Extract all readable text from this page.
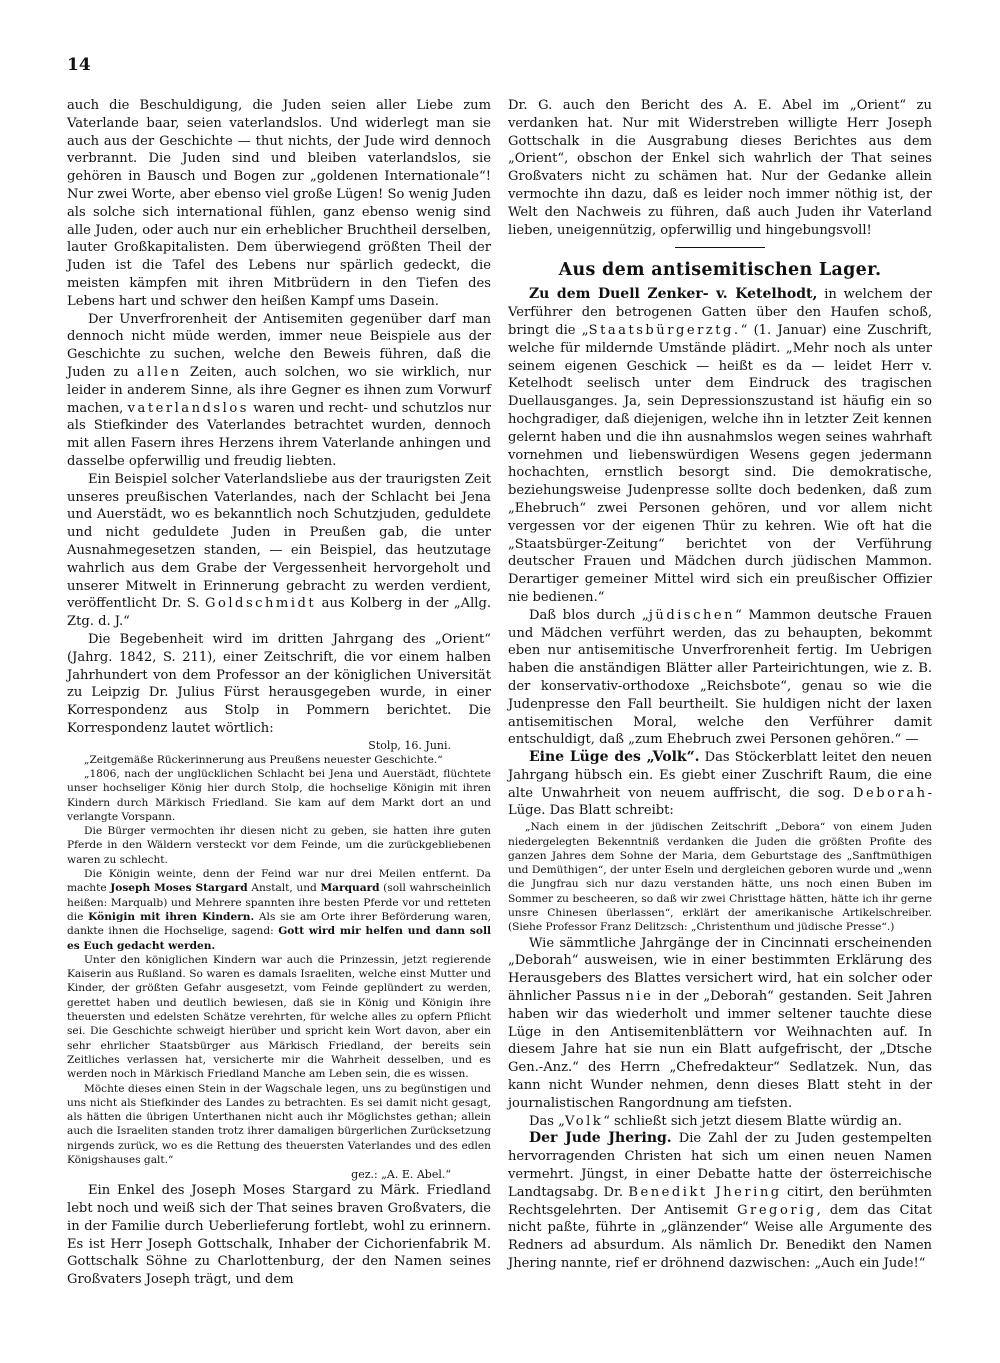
14

auch die Beschuldigung, die Juden seien aller Liebe zum Vaterlande baar, seien vaterlandslos. Und widerlegt man sie auch aus der Geschichte — thut nichts, der Jude wird dennoch verbrannt. Die Juden sind und bleiben vaterlandslos, sie gehören in Bausch und Bogen zur „goldenen Internationale“! Nur zwei Worte, aber ebenso viel große Lügen! So wenig Juden als solche sich international fühlen, ganz ebenso wenig sind alle Juden, oder auch nur ein erheblicher Bruchtheil derselben, lauter Großkapitalisten. Dem überwiegend größten Theil der Juden ist die Tafel des Lebens nur spärlich gedeckt, die meisten kämpfen mit ihren Mitbrüdern in den Tiefen des Lebens hart und schwer den heißen Kampf ums Dasein.

Der Unverfrorenheit der Antisemiten gegenüber darf man dennoch nicht müde werden, immer neue Beispiele aus der Geschichte zu suchen, welche den Beweis führen, daß die Juden zu allen Zeiten, auch solchen, wo sie wirklich, nur leider in anderem Sinne, als ihre Gegner es ihnen zum Vorwurf machen, vaterlandslos waren und recht- und schutzlos nur als Stiefkinder des Vaterlandes betrachtet wurden, dennoch mit allen Fasern ihres Herzens ihrem Vaterlande anhingen und dasselbe opferwillig und freudig liebten.

Ein Beispiel solcher Vaterlandsliebe aus der traurigsten Zeit unseres preußischen Vaterlandes, nach der Schlacht bei Jena und Auerstädt, wo es bekanntlich noch Schutzjuden, geduldete und nicht geduldete Juden in Preußen gab, die unter Ausnahmegesetzen standen, — ein Beispiel, das heutzutage wahrlich aus dem Grabe der Vergessenheit hervorgeholt und unserer Mitwelt in Erinnerung gebracht zu werden verdient, veröffentlicht Dr. S. Goldschmidt aus Kolberg in der „Allg. Ztg. d. J.“

Die Begebenheit wird im dritten Jahrgang des „Orient“ (Jahrg. 1842, S. 211), einer Zeitschrift, die vor einem halben Jahrhundert von dem Professor an der königlichen Universität zu Leipzig Dr. Julius Fürst herausgegeben wurde, in einer Korrespondenz aus Stolp in Pommern berichtet. Die Korrespondenz lautet wörtlich:

Stolp, 16. Juni.

„Zeitgemäße Rückerinnerung aus Preußens neuester Geschichte.“

„1806, nach der unglücklichen Schlacht bei Jena und Auerstädt, flüchtete unser hochseliger König hier durch Stolp, die hochselige Königin mit ihren Kindern durch Märkisch Friedland. Sie kam auf dem Markt dort an und verlangte Vorspann.

Die Bürger vermochten ihr diesen nicht zu geben, sie hatten ihre guten Pferde in den Wäldern versteckt vor dem Feinde, um die zurückgebliebenen waren zu schlecht.

Die Königin weinte, denn der Feind war nur drei Meilen entfernt. Da machte Joseph Moses Stargard Anstalt, und Marquard (soll wahrscheinlich heißen: Marqualb) und Mehrere spannten ihre besten Pferde vor und retteten die Königin mit ihren Kindern. Als sie am Orte ihrer Beförderung waren, dankte ihnen die Hochselige, sagend: Gott wird mir helfen und dann soll es Euch gedacht werden.

Unter den königlichen Kindern war auch die Prinzessin, jetzt regierende Kaiserin aus Rußland. So waren es damals Israeliten, welche einst Mutter und Kinder, der größten Gefahr ausgesetzt, vom Feinde geplündert zu werden, gerettet haben und deutlich bewiesen, daß sie in König und Königin ihre theuersten und edelsten Schätze verehrten, für welche alles zu opfern Pflicht sei. Die Geschichte schweigt hierüber und spricht kein Wort davon, aber ein sehr ehrlicher Staatsbürger aus Märkisch Friedland, der bereits sein Zeitliches verlassen hat, versicherte mir die Wahrheit desselben, und es werden noch in Märkisch Friedland Manche am Leben sein, die es wissen.

Möchte dieses einen Stein in der Wagschale legen, uns zu begünstigen und uns nicht als Stiefkinder des Landes zu betrachten. Es sei damit nicht gesagt, als hätten die übrigen Unterthanen nicht auch ihr Möglichstes gethan; allein auch die Israeliten standen trotz ihrer damaligen bürgerlichen Zurücksetzung nirgends zurück, wo es die Rettung des theuersten Vaterlandes und des edlen Königshauses galt.“

gez.: „A. E. Abel.“

Ein Enkel des Joseph Moses Stargard zu Märk. Friedland lebt noch und weiß sich der That seines braven Großvaters, die in der Familie durch Ueberlieferung fortlebt, wohl zu erinnern. Es ist Herr Joseph Gottschalk, Inhaber der Cichorienfabrik M. Gottschalk Söhne zu Charlottenburg, der den Namen seines Großvaters Joseph trägt, und dem

Dr. G. auch den Bericht des A. E. Abel im „Orient“ zu verdanken hat. Nur mit Widerstreben willigte Herr Joseph Gottschalk in die Ausgrabung dieses Berichtes aus dem „Orient“, obschon der Enkel sich wahrlich der That seines Großvaters nicht zu schämen hat. Nur der Gedanke allein vermochte ihn dazu, daß es leider noch immer nöthig ist, der Welt den Nachweis zu führen, daß auch Juden ihr Vaterland lieben, uneigennützig, opferwillig und hingebungsvoll!

Aus dem antisemitischen Lager.

Zu dem Duell Zenker- v. Ketelhodt, in welchem der Verführer den betrogenen Gatten über den Haufen schoß, bringt die „Staatsbürgerztg.“ (1. Januar) eine Zuschrift, welche für mildernde Umstände plädirt. „Mehr noch als unter seinem eigenen Geschick — heißt es da — leidet Herr v. Ketelhodt seelisch unter dem Eindruck des tragischen Duellausganges. Ja, sein Depressionszustand ist häufig ein so hochgradiger, daß diejenigen, welche ihn in letzter Zeit kennen gelernt haben und die ihn ausnahmslos wegen seines wahrhaft vornehmen und liebenswürdigen Wesens gegen jedermann hochachten, ernstlich besorgt sind. Die demokratische, beziehungsweise Judenpresse sollte doch bedenken, daß zum „Ehebruch“ zwei Personen gehören, und vor allem nicht vergessen vor der eigenen Thür zu kehren. Wie oft hat die „Staatsbürger-Zeitung“ berichtet von der Verführung deutscher Frauen und Mädchen durch jüdischen Mammon. Derartiger gemeiner Mittel wird sich ein preußischer Offizier nie bedienen.“

Daß blos durch „jüdischen“ Mammon deutsche Frauen und Mädchen verführt werden, das zu behaupten, bekommt eben nur antisemitische Unverfrorenheit fertig. Im Uebrigen haben die anständigen Blätter aller Parteirichtungen, wie z. B. der konservativ-orthodoxe „Reichsbote“, genau so wie die Judenpresse den Fall beurtheilt. Sie huldigen nicht der laxen antisemitischen Moral, welche den Verführer damit entschuldigt, daß „zum Ehebruch zwei Personen gehören.“ —

Eine Lüge des „Volk“. Das Stöckerblatt leitet den neuen Jahrgang hübsch ein. Es giebt einer Zuschrift Raum, die eine alte Unwahrheit von neuem auffrischt, die sog. Deborah-Lüge. Das Blatt schreibt:

„Nach einem in der jüdischen Zeitschrift „Debora“ von einem Juden niedergelegten Bekenntniß verdanken die Juden die größten Profite des ganzen Jahres dem Sohne der Maria, dem Geburtstage des „Sanftmüthigen und Demüthigen“, der unter Eseln und dergleichen geboren wurde und „wenn die Jungfrau sich nur dazu verstanden hätte, uns noch einen Buben im Sommer zu bescheeren, so daß wir zwei Christtage hätten, hätte ich ihr gerne unsre Chinesen überlassen“, erklärt der amerikanische Artikelschreiber. (Siehe Professor Franz Delitzsch: „Christenthum und jüdische Presse“.)

Wie sämmtliche Jahrgänge der in Cincinnati erscheinenden „Deborah“ ausweisen, wie in einer bestimmten Erklärung des Herausgebers des Blattes versichert wird, hat ein solcher oder ähnlicher Passus nie in der „Deborah“ gestanden. Seit Jahren haben wir das wiederholt und immer seltener tauchte diese Lüge in den Antisemitenblättern vor Weihnachten auf. In diesem Jahre hat sie nun ein Blatt aufgefrischt, der „Dtsche Gen.-Anz.“ des Herrn „Chefredakteur“ Sedlatzek. Nun, das kann nicht Wunder nehmen, denn dieses Blatt steht in der journalistischen Rangordnung am tiefsten.

Das „Volk“ schließt sich jetzt diesem Blatte würdig an.

Der Jude Jhering. Die Zahl der zu Juden gestempelten hervorragenden Christen hat sich um einen neuen Namen vermehrt. Jüngst, in einer Debatte hatte der österreichische Landtagsabg. Dr. Benedikt Jhering citirt, den berühmten Rechtsgelehrten. Der Antisemit Gregorig, dem das Citat nicht paßte, führte in „glänzender“ Weise alle Argumente des Redners ad absurdum. Als nämlich Dr. Benedikt den Namen Jhering nannte, rief er dröhnend dazwischen: „Auch ein Jude!“
